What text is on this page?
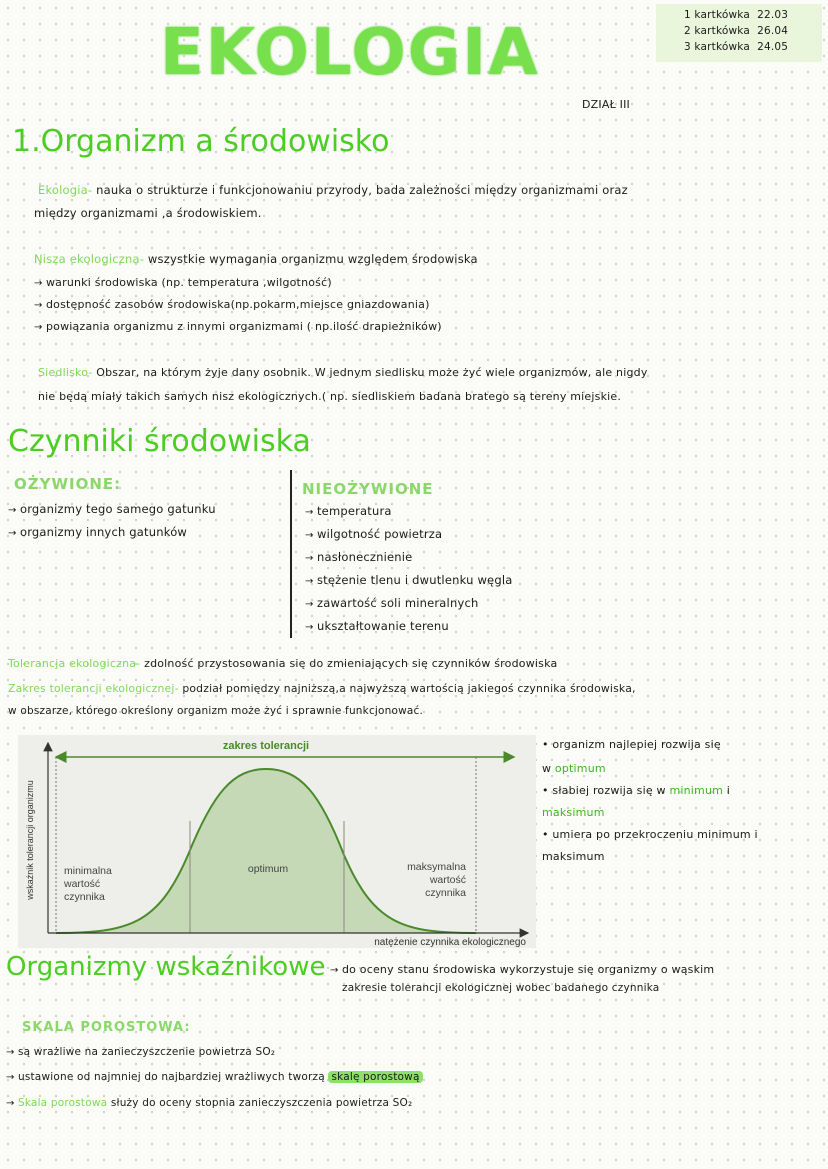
1 kartkówka 22.03
2 kartkówka 26.04
3 kartkówka 24.05
EKOLOGIA
DZIAŁ III
1.Organizm a środowisko
Ekologia- nauka o strukturze i funkcjonowaniu przyrody, bada zależności między organizmami oraz
między organizmami ,a środowiskiem.
Nisza ekologiczna- wszystkie wymagania organizmu względem środowiska
→ warunki środowiska (np. temperatura ,wilgotność)
→ dostępność zasobów środowiska(np.pokarm,miejsce gniazdowania)
→ powiązania organizmu z innymi organizmami ( np.ilość drapieżników)
Siedlisko- Obszar, na którym żyje dany osobnik. W jednym siedlisku może żyć wiele organizmów, ale nigdy
nie będą miały takich samych nisz ekologicznych.( np. siedliskiem badana bratego są tereny miejskie.
Czynniki środowiska
OŻYWIONE:
→ organizmy tego samego gatunku
→ organizmy innych gatunków
NIEOŻYWIONE
→ temperatura
→ wilgotność powietrza
→ nasłonecznienie
→ stężenie tlenu i dwutlenku węgla
→ zawartość soli mineralnych
→ ukształtowanie terenu
Tolerancja ekologiczna- zdolność przystosowania się do zmieniających się czynników środowiska
Zakres tolerancji ekologicznej- podział pomiędzy najniższą,a najwyższą wartością jakiegoś czynnika środowiska,
w obszarze, którego określony organizm może żyć i sprawnie funkcjonować.
zakres tolerancji
wskaźnik tolerancji organizmu
natężenie czynnika ekologicznego
minimalna
wartość
czynnika
optimum	maksymalna
wartość
czynnika
• organizm najlepiej rozwija się
w optimum
• słabiej rozwija się w minimum i
maksimum
• umiera po przekroczeniu minimum i
maksimum
Organizmy wskaźnikowe
→	do oceny stanu środowiska wykorzystuje się organizmy o wąskim
zakresie tolerancji ekologicznej wobec badanego czynnika
SKALA POROSTOWA:
→ są wrażliwe na zanieczyszczenie powietrza SO₂
→ ustawione od najmniej do najbardziej wrażliwych tworzą skalę porostową
→ Skala porostowa służy do oceny stopnia zanieczyszczenia powietrza SO₂
